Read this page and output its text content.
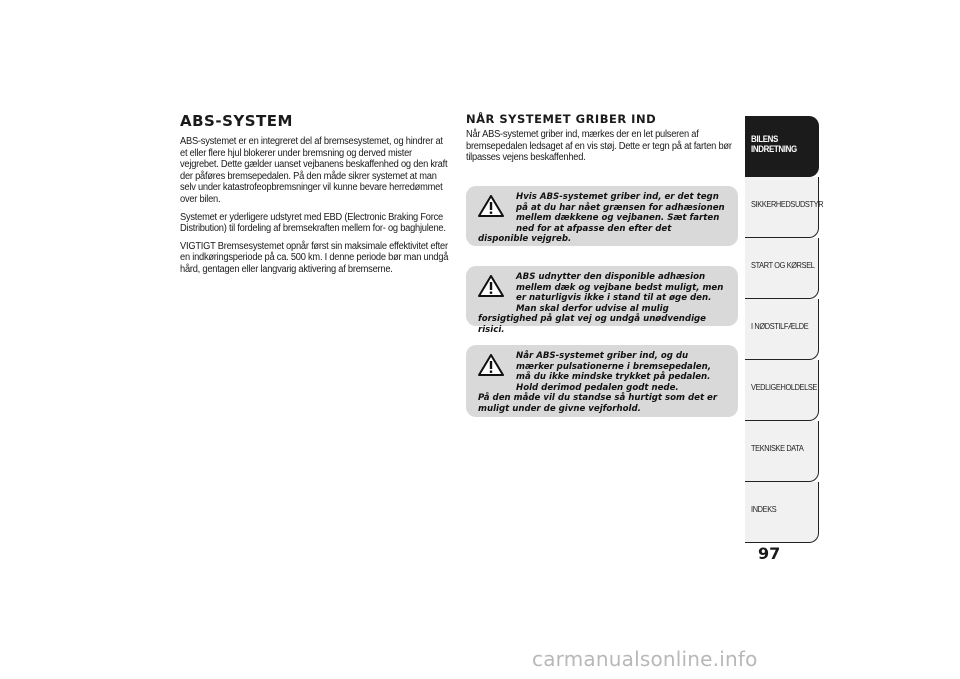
ABS-SYSTEM

ABS-systemet er en integreret del af bremsesystemet, og hindrer at et eller flere hjul blokerer under bremsning og derved mister vejgrebet. Dette gælder uanset vejbanens beskaffenhed og den kraft der påføres bremsepedalen. På den måde sikrer systemet at man selv under katastrofeopbremsninger vil kunne bevare herredømmet over bilen.

Systemet er yderligere udstyret med EBD (Electronic Braking Force Distribution) til fordeling af bremsekraften mellem for- og baghjulene.

VIGTIGT Bremsesystemet opnår først sin maksimale effektivitet efter en indkøringsperiode på ca. 500 km. I denne periode bør man undgå hård, gentagen eller langvarig aktivering af bremserne.

NÅR SYSTEMET GRIBER IND

Når ABS-systemet griber ind, mærkes der en let pulseren af bremsepedalen ledsaget af en vis støj. Dette er tegn på at farten bør tilpasses vejens beskaffenhed.

Hvis ABS-systemet griber ind, er det tegn på at du har nået grænsen for adhæsionen mellem dækkene og vejbanen. Sæt farten ned for at afpasse den efter det
disponible vejgreb.
ABS udnytter den disponible adhæsion mellem dæk og vejbane bedst muligt, men er naturligvis ikke i stand til at øge den. Man skal derfor udvise al mulig
forsigtighed på glat vej og undgå unødvendige risici.
Når ABS-systemet griber ind, og du mærker pulsationerne i bremsepedalen, må du ikke mindske trykket på pedalen. Hold derimod pedalen godt nede.
På den måde vil du standse så hurtigt som det er muligt under de givne vejforhold.
BILENS INDRETNING
SIKKERHEDSUDSTYR
START OG KØRSEL
I NØDSTILFÆLDE
VEDLIGEHOLDELSE
TEKNISKE DATA
INDEKS
97
carmanualsonline.info
